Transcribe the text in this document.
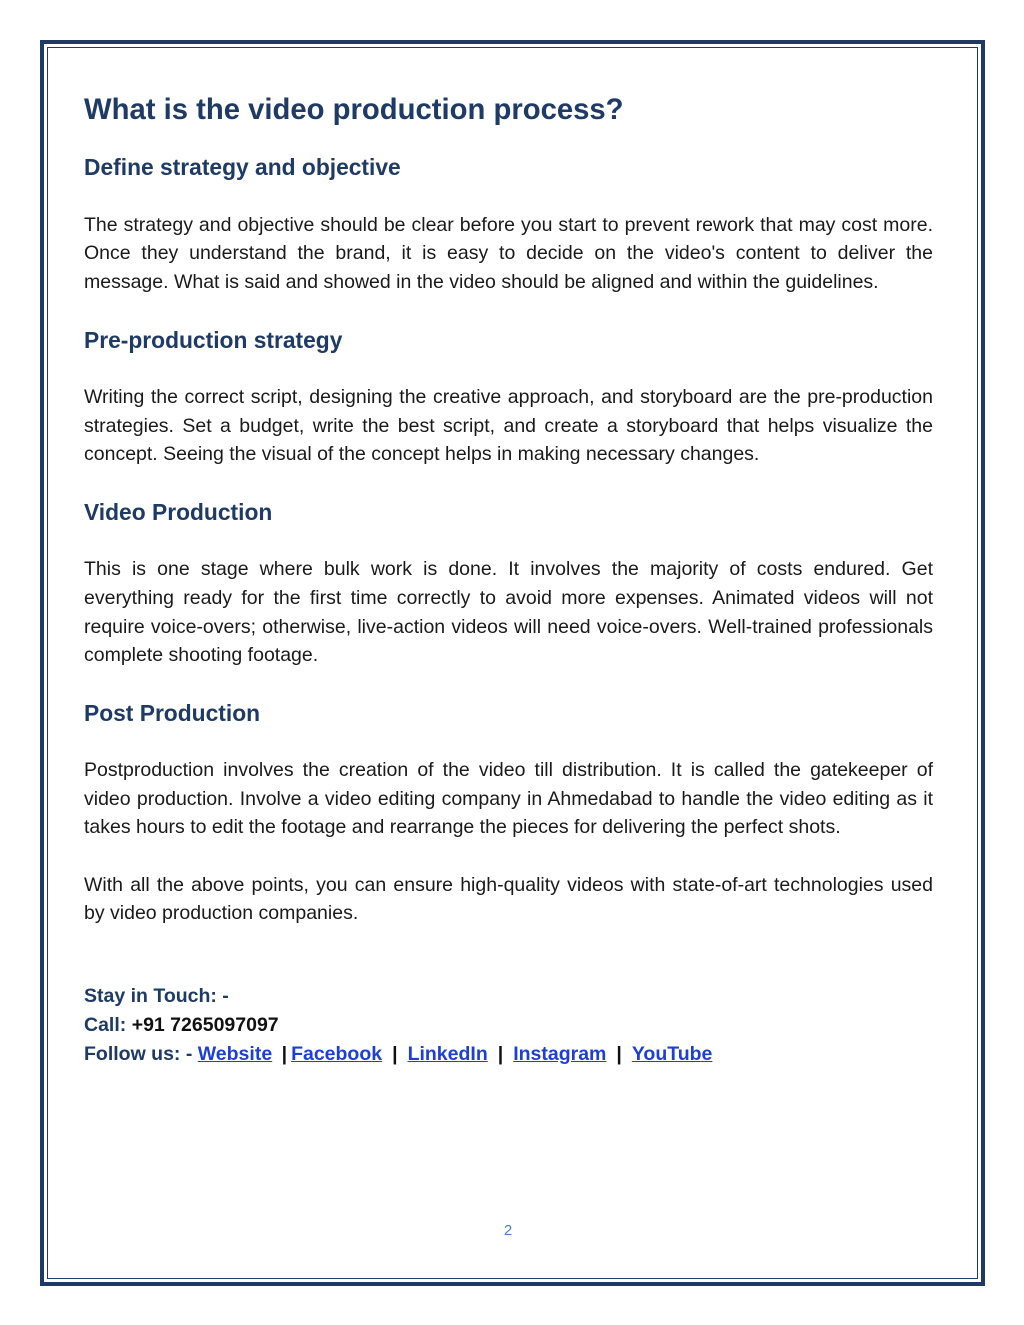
What is the video production process?
Define strategy and objective

The strategy and objective should be clear before you start to prevent rework that may cost more. Once they understand the brand, it is easy to decide on the video's content to deliver the message. What is said and showed in the video should be aligned and within the guidelines.

Pre-production strategy

Writing the correct script, designing the creative approach, and storyboard are the pre-production strategies. Set a budget, write the best script, and create a storyboard that helps visualize the concept. Seeing the visual of the concept helps in making necessary changes.

Video Production

This is one stage where bulk work is done. It involves the majority of costs endured. Get everything ready for the first time correctly to avoid more expenses. Animated videos will not require voice-overs; otherwise, live-action videos will need voice-overs. Well-trained professionals complete shooting footage.

Post Production

Postproduction involves the creation of the video till distribution. It is called the gatekeeper of video production. Involve a video editing company in Ahmedabad to handle the video editing as it takes hours to edit the footage and rearrange the pieces for delivering the perfect shots.

With all the above points, you can ensure high-quality videos with state-of-art technologies used by video production companies.

Stay in Touch: -

Call: +91 7265097097

Follow us: - Website | Facebook | LinkedIn | Instagram | YouTube

2
